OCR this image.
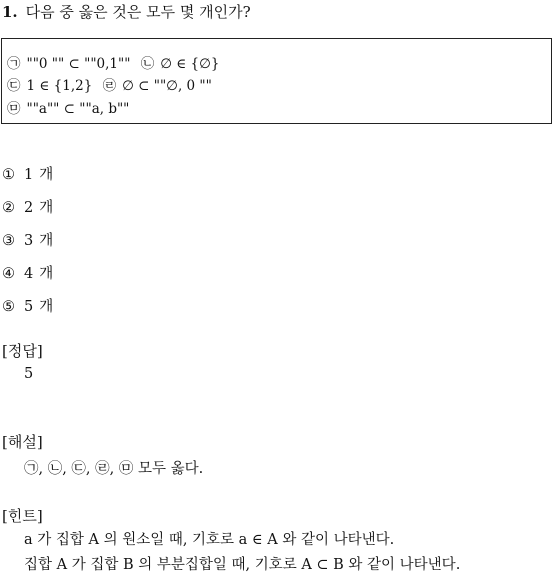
1. 다음 중 옳은 것은 모두 몇 개인가?
㉠ ""0 "" ⊂ ""0,1"" ㉡ ∅ ∈ {∅}
㉢ 1 ∈ {1,2} ㉣ ∅ ⊂ ""∅, 0 ""
㉤ ""a"" ⊂ ""a, b""
① 1 개
② 2 개
③ 3 개
④ 4 개
⑤ 5 개
[정답]
5
[해설]
㉠, ㉡, ㉢, ㉣, ㉤ 모두 옳다.
[힌트]
a 가 집합 A 의 원소일 때, 기호로 a ∈ A 와 같이 나타낸다.
집합 A 가 집합 B 의 부분집합일 때, 기호로 A ⊂ B 와 같이 나타낸다.
